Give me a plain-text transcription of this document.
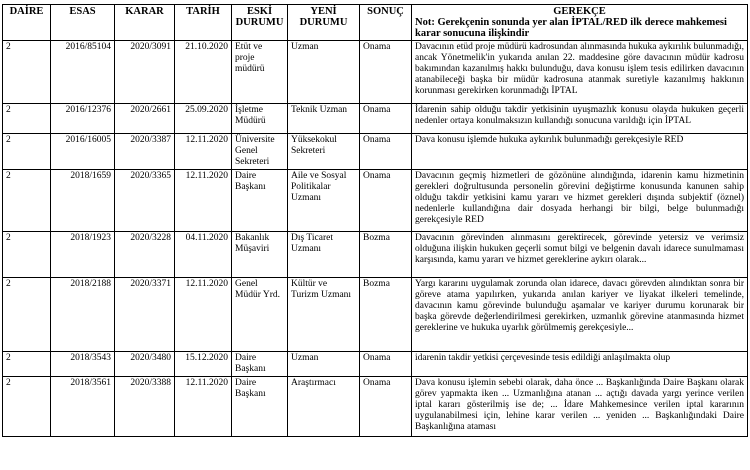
DAİRE	ESAS	KARAR	TARİH	ESKİ DURUMU	YENİ DURUMU	SONUÇ	GEREKÇE
Not: Gerekçenin sonunda yer alan İPTAL/RED ilk derece mahkemesi karar sonucuna ilişkindir

2	2016/85104	2020/3091	21.10.2020	Etüt ve proje müdürü	Uzman	Onama	Davacının etüd proje müdürü kadrosundan alınmasında hukuka aykırılık bulunmadığı, ancak Yönetmelik'in yukarıda anılan 22. maddesine göre davacının müdür kadrosu bakımından kazanılmış hakkı bulunduğu, dava konusu işlem tesis edilirken davacının atanabileceği başka bir müdür kadrosuna atanmak suretiyle kazanılmış hakkının korunması gerekirken korunmadığı İPTAL
2	2016/12376	2020/2661	25.09.2020	İşletme Müdürü	Teknik Uzman	Onama	İdarenin sahip olduğu takdir yetkisinin uyuşmazlık konusu olayda hukuken geçerli nedenler ortaya konulmaksızın kullandığı sonucuna varıldığı için İPTAL
2	2016/16005	2020/3387	12.11.2020	Üniversite Genel Sekreteri	Yüksekokul Sekreteri	Onama	Dava konusu işlemde hukuka aykırılık bulunmadığı gerekçesiyle RED
2	2018/1659	2020/3365	12.11.2020	Daire Başkanı	Aile ve Sosyal Politikalar Uzmanı	Onama	Davacının geçmiş hizmetleri de gözönüne alındığında, idarenin kamu hizmetinin gerekleri doğrultusunda personelin görevini değiştirme konusunda kanunen sahip olduğu takdir yetkisini kamu yararı ve hizmet gerekleri dışında subjektif (öznel) nedenlerle kullandığına dair dosyada herhangi bir bilgi, belge bulunmadığı gerekçesiyle RED
2	2018/1923	2020/3228	04.11.2020	Bakanlık Müşaviri	Dış Ticaret Uzmanı	Bozma	Davacının görevinden alınmasını gerektirecek, görevinde yetersiz ve verimsiz olduğuna ilişkin hukuken geçerli somut bilgi ve belgenin davalı idarece sunulmaması karşısında, kamu yararı ve hizmet gereklerine aykırı olarak...
2	2018/2188	2020/3371	12.11.2020	Genel Müdür Yrd.	Kültür ve Turizm Uzmanı	Bozma	Yargı kararını uygulamak zorunda olan idarece, davacı görevden alındıktan sonra bir göreve atama yapılırken, yukarıda anılan kariyer ve liyakat ilkeleri temelinde, davacının kamu görevinde bulunduğu aşamalar ve kariyer durumu korunarak bir başka görevde değerlendirilmesi gerekirken, uzmanlık görevine atanmasında hizmet gereklerine ve hukuka uyarlık görülmemiş gerekçesiyle...
2	2018/3543	2020/3480	15.12.2020	Daire Başkanı	Uzman	Onama	idarenin takdir yetkisi çerçevesinde tesis edildiği anlaşılmakta olup
2	2018/3561	2020/3388	12.11.2020	Daire Başkanı	Araştırmacı	Onama	Dava konusu işlemin sebebi olarak, daha önce ... Başkanlığında Daire Başkanı olarak görev yapmakta iken ... Uzmanlığına atanan ... açtığı davada yargı yerince verilen iptal kararı gösterilmiş ise de; ... İdare Mahkemesince verilen iptal kararının uygulanabilmesi için, lehine karar verilen ... yeniden ... Başkanlığındaki Daire Başkanlığına ataması
